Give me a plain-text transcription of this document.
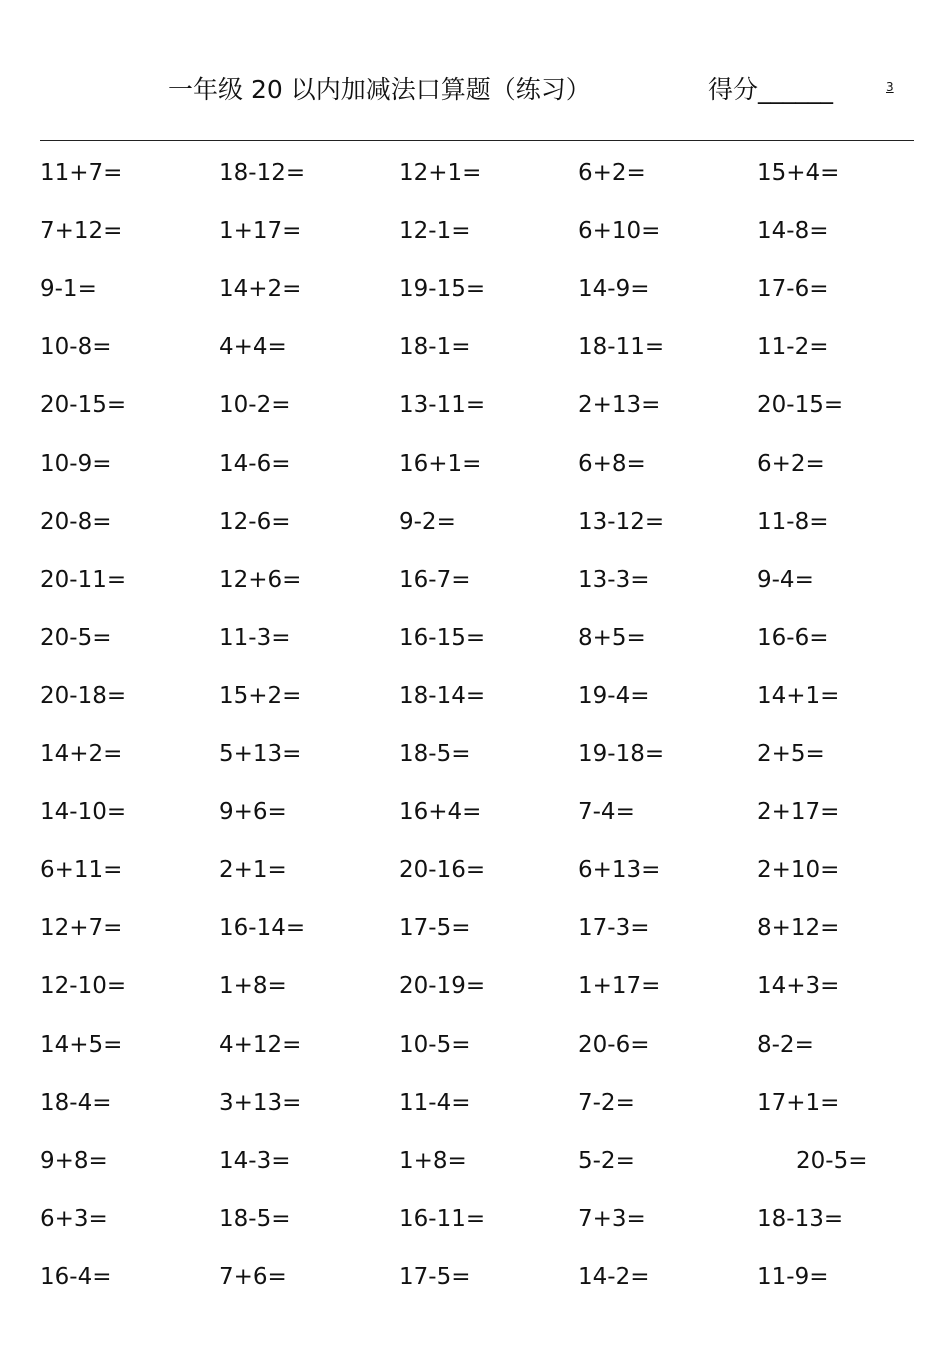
一年级 20 以内加减法口算题（练习）	得分______	3
11+7=	18-12=	12+1=	6+2=	15+4=
7+12=	1+17=	12-1=	6+10=	14-8=
9-1=	14+2=	19-15=	14-9=	17-6=
10-8=	4+4=	18-1=	18-11=	11-2=
20-15=	10-2=	13-11=	2+13=	20-15=
10-9=	14-6=	16+1=	6+8=	6+2=
20-8=	12-6=	9-2=	13-12=	11-8=
20-11=	12+6=	16-7=	13-3=	9-4=
20-5=	11-3=	16-15=	8+5=	16-6=
20-18=	15+2=	18-14=	19-4=	14+1=
14+2=	5+13=	18-5=	19-18=	2+5=
14-10=	9+6=	16+4=	7-4=	2+17=
6+11=	2+1=	20-16=	6+13=	2+10=
12+7=	16-14=	17-5=	17-3=	8+12=
12-10=	1+8=	20-19=	1+17=	14+3=
14+5=	4+12=	10-5=	20-6=	8-2=
18-4=	3+13=	11-4=	7-2=	17+1=
9+8=	14-3=	1+8=	5-2=	20-5=
6+3=	18-5=	16-11=	7+3=	18-13=
16-4=	7+6=	17-5=	14-2=	11-9=
